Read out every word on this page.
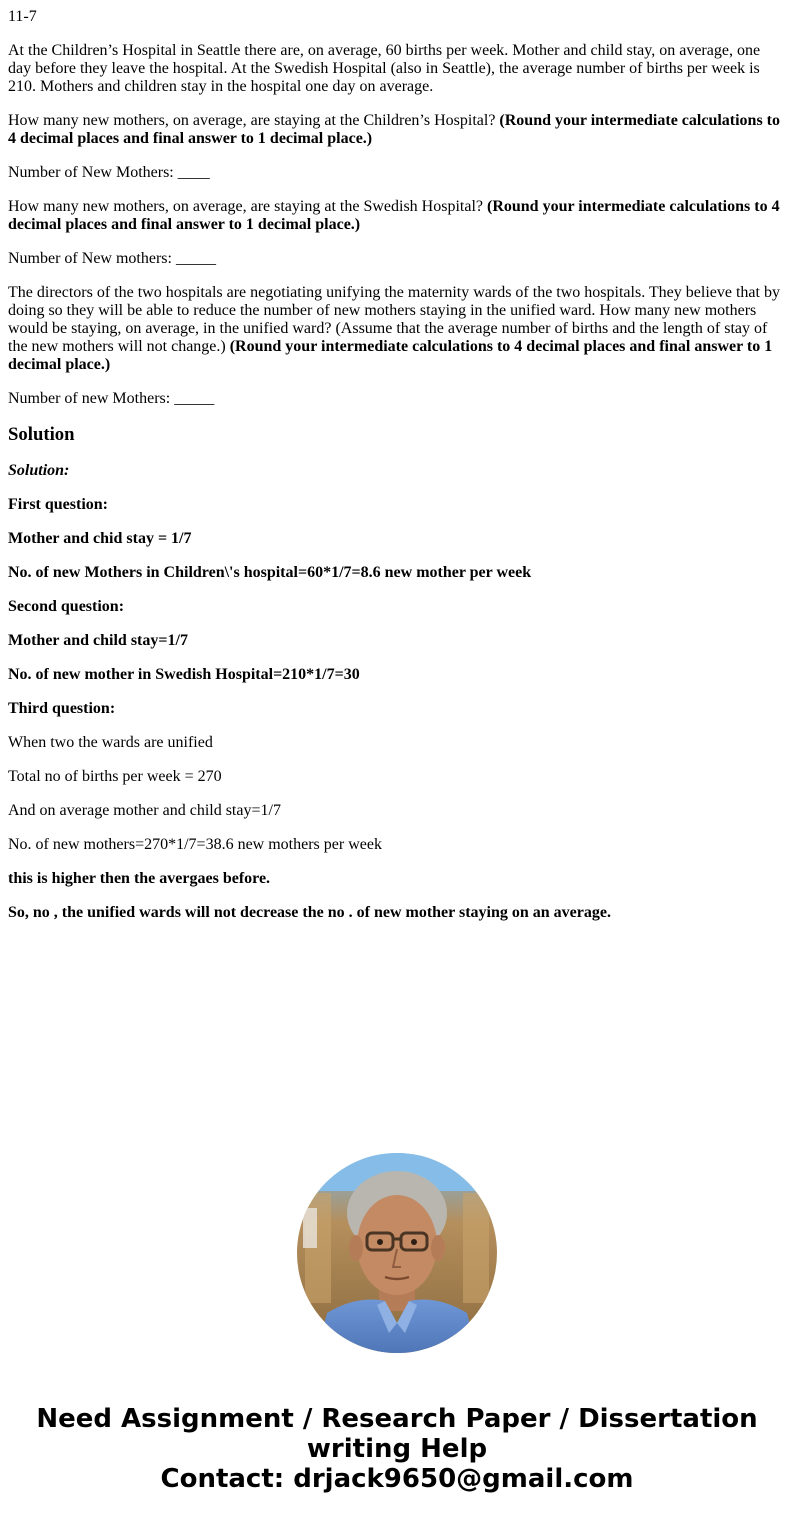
11-7

At the Children’s Hospital in Seattle there are, on average, 60 births per week. Mother and child stay, on average, one day before they leave the hospital. At the Swedish Hospital (also in Seattle), the average number of births per week is 210. Mothers and children stay in the hospital one day on average.

How many new mothers, on average, are staying at the Children’s Hospital? (Round your intermediate calculations to 4 decimal places and final answer to 1 decimal place.)

Number of New Mothers: ____

How many new mothers, on average, are staying at the Swedish Hospital? (Round your intermediate calculations to 4 decimal places and final answer to 1 decimal place.)

Number of New mothers: _____

The directors of the two hospitals are negotiating unifying the maternity wards of the two hospitals. They believe that by doing so they will be able to reduce the number of new mothers staying in the unified ward. How many new mothers would be staying, on average, in the unified ward? (Assume that the average number of births and the length of stay of the new mothers will not change.) (Round your intermediate calculations to 4 decimal places and final answer to 1 decimal place.)

Number of new Mothers: _____

Solution

Solution:

First question:

Mother and chid stay = 1/7

No. of new Mothers in Children\'s hospital=60*1/7=8.6 new mother per week

Second question:

Mother and child stay=1/7

No. of new mother in Swedish Hospital=210*1/7=30

Third question:

When two the wards are unified

Total no of births per week = 270

And on average mother and child stay=1/7

No. of new mothers=270*1/7=38.6 new mothers per week

this is higher then the avergaes before.

So, no , the unified wards will not decrease the no . of new mother staying on an average.

Need Assignment / Research Paper / Dissertation
writing Help
Contact: drjack9650@gmail.com
